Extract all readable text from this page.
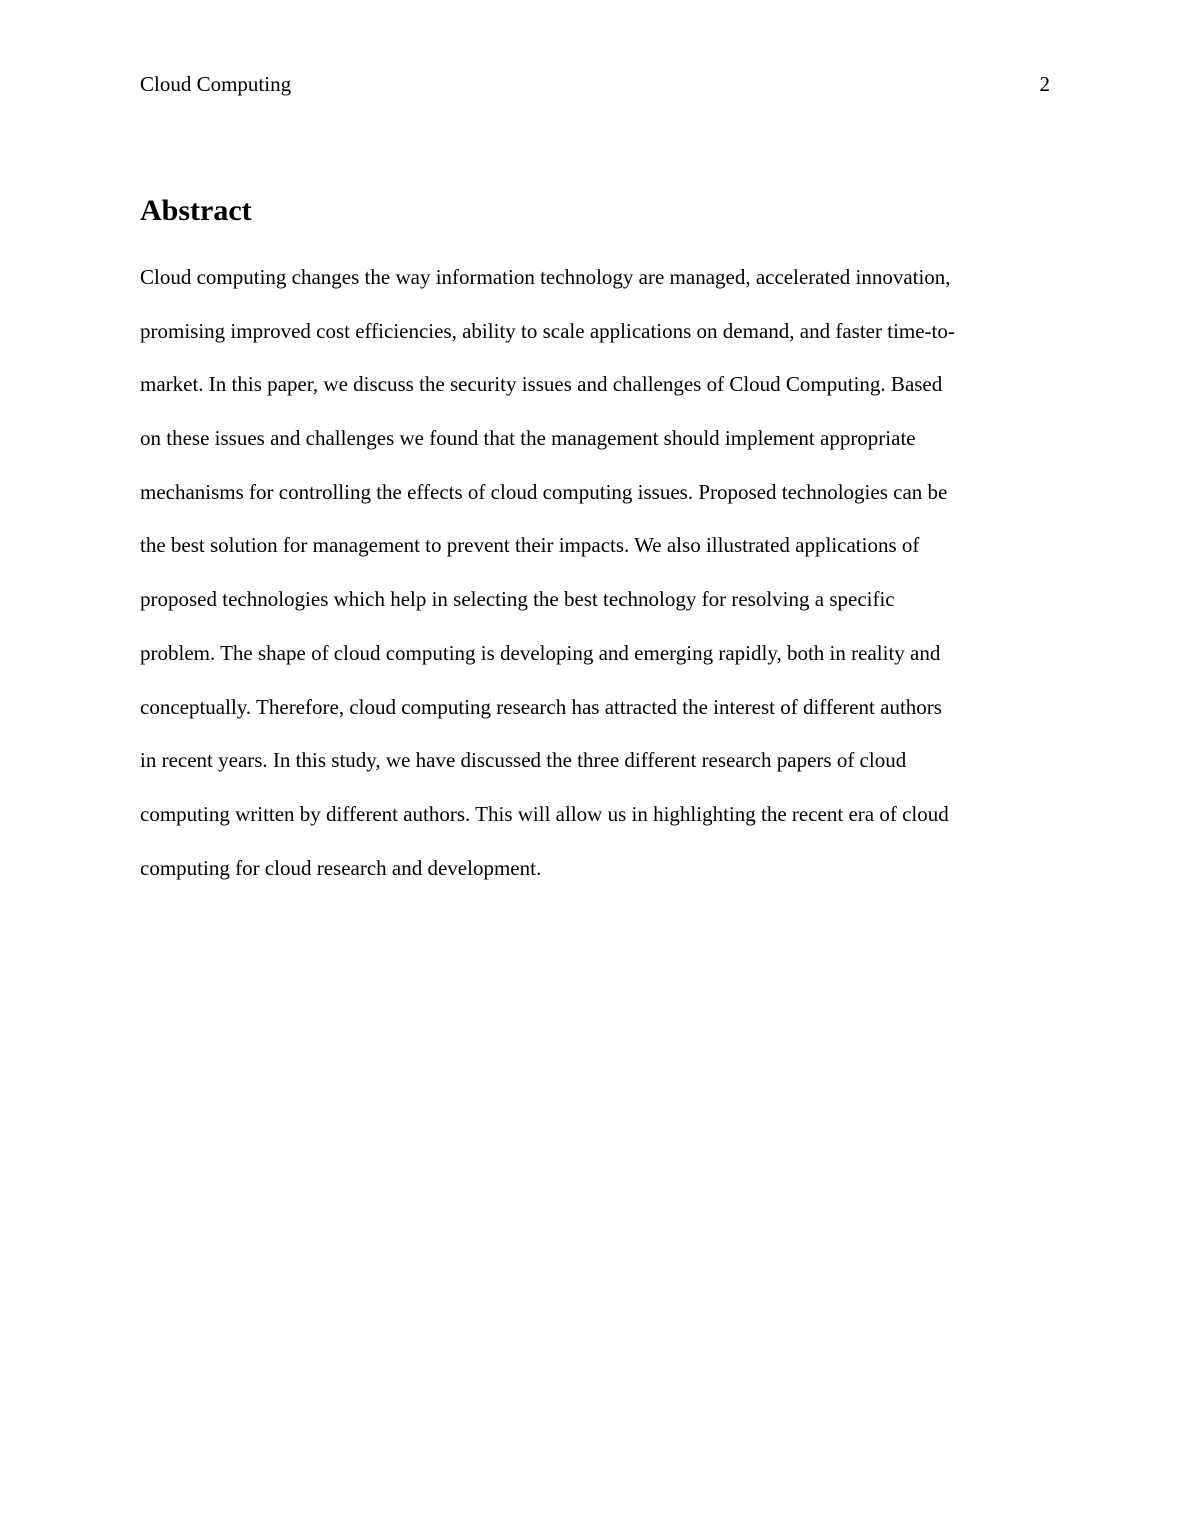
Cloud Computing	2
Abstract
Cloud computing changes the way information technology are managed, accelerated innovation,
promising improved cost efficiencies, ability to scale applications on demand, and faster time-to-
market. In this paper, we discuss the security issues and challenges of Cloud Computing. Based
on these issues and challenges we found that the management should implement appropriate
mechanisms for controlling the effects of cloud computing issues. Proposed technologies can be
the best solution for management to prevent their impacts. We also illustrated applications of
proposed technologies which help in selecting the best technology for resolving a specific
problem. The shape of cloud computing is developing and emerging rapidly, both in reality and
conceptually. Therefore, cloud computing research has attracted the interest of different authors
in recent years. In this study, we have discussed the three different research papers of cloud
computing written by different authors. This will allow us in highlighting the recent era of cloud
computing for cloud research and development.
